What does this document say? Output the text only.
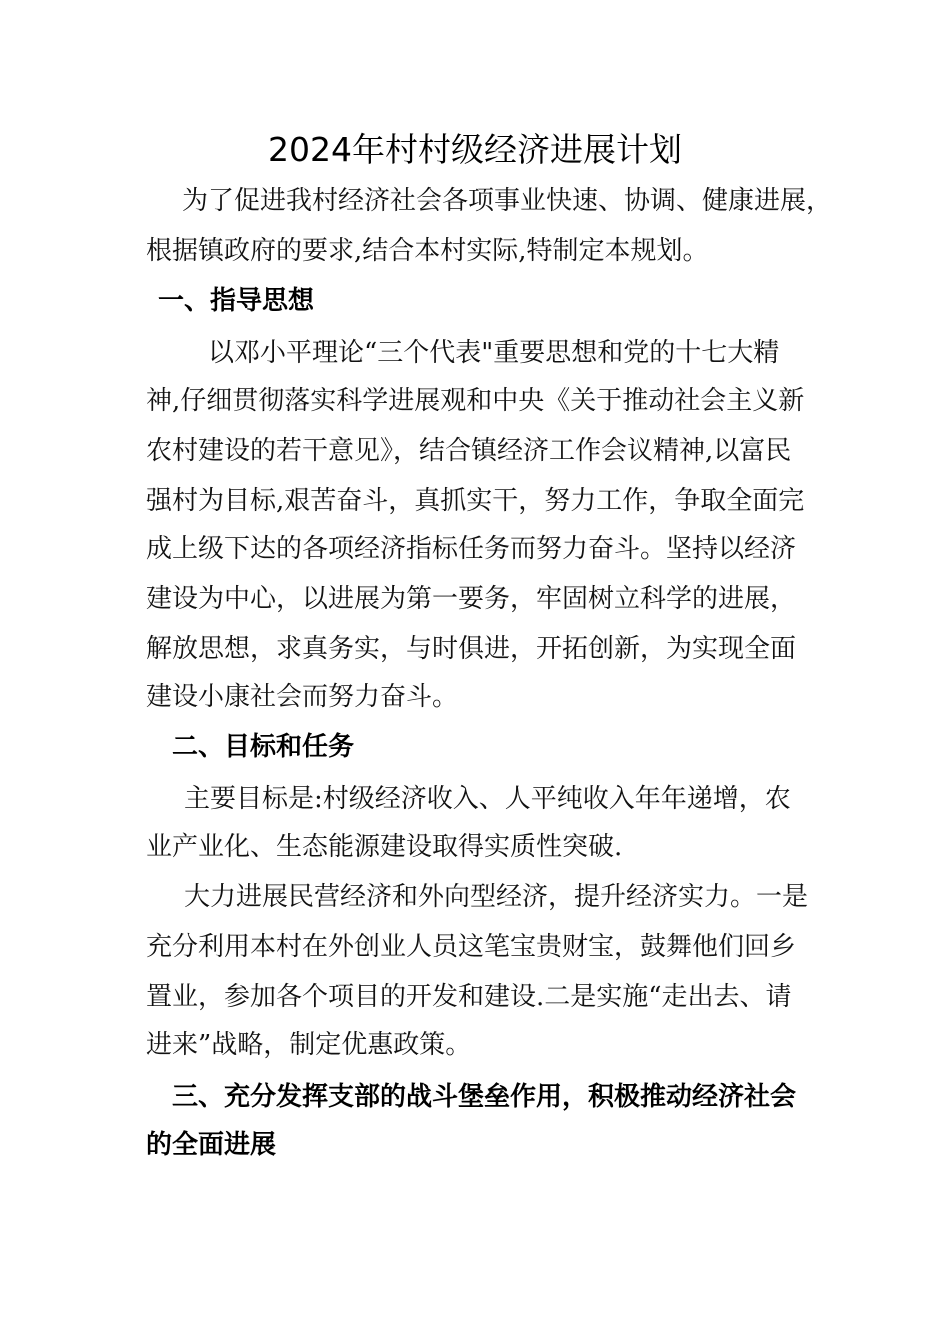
2024年村村级经济进展计划
为了促进我村经济社会各项事业快速、协调、健康进展，
根据镇政府的要求,结合本村实际,特制定本规划。
一、指导思想
以邓小平理论“三个代表"重要思想和党的十七大精
神,仔细贯彻落实科学进展观和中央《关于推动社会主义新
农村建设的若干意见》，结合镇经济工作会议精神,以富民
强村为目标,艰苦奋斗，真抓实干，努力工作，争取全面完
成上级下达的各项经济指标任务而努力奋斗。坚持以经济
建设为中心，以进展为第一要务，牢固树立科学的进展，
解放思想，求真务实，与时俱进，开拓创新，为实现全面
建设小康社会而努力奋斗。
二、目标和任务
主要目标是:村级经济收入、人平纯收入年年递增，农
业产业化、生态能源建设取得实质性突破.
大力进展民营经济和外向型经济，提升经济实力。一是
充分利用本村在外创业人员这笔宝贵财宝，鼓舞他们回乡
置业，参加各个项目的开发和建设.二是实施“走出去、请
进来”战略，制定优惠政策。
三、充分发挥支部的战斗堡垒作用，积极推动经济社会
的全面进展
